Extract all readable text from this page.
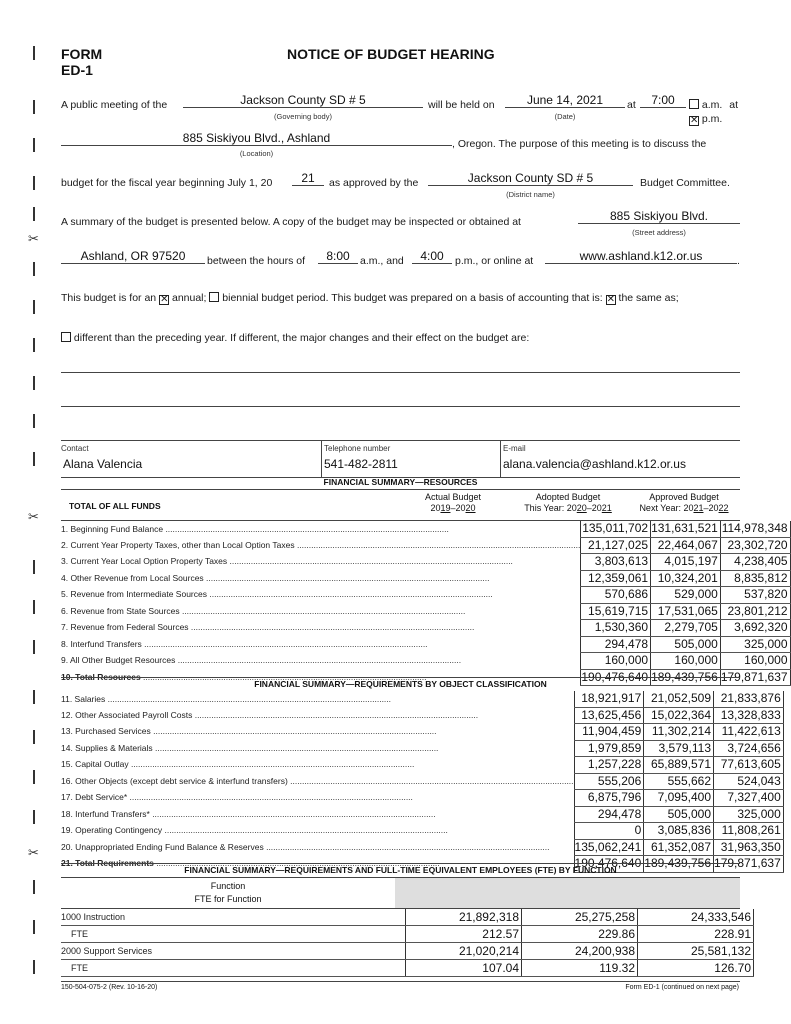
✂
✂
✂
FORM
ED-1
NOTICE OF BUDGET HEARING
A public meeting of the	Jackson County SD # 5
(Governing body)
will be held on	June 14, 2021
(Date)
at	7:00	a.m. at
✕ p.m.
885 Siskiyou Blvd., Ashland
(Location)
, Oregon. The purpose of this meeting is to discuss the
budget for the fiscal year beginning July 1, 20	21	as approved by the	Jackson County SD # 5
(District name)
Budget Committee.
A summary of the budget is presented below. A copy of the budget may be inspected or obtained at	885 Siskiyou Blvd.
(Street address)
Ashland, OR 97520	between the hours of	8:00 a.m., and	4:00	p.m., or online at	www.ashland.k12.or.us	.
This budget is for an ✕ annual; biennial budget period. This budget was prepared on a basis of accounting that is: ✕ the same as;
different than the preceding year. If different, the major changes and their effect on the budget are:
Contact
Alana Valencia
Telephone number
541-482-2811
E-mail
alana.valencia@ashland.k12.or.us
FINANCIAL SUMMARY—RESOURCES
TOTAL OF ALL FUNDS
Actual Budget
2019–2020
Adopted Budget
This Year: 2020–2021
Approved Budget
Next Year: 2021–2022
1. Beginning Fund Balance ........................................................................................................................	135,011,702	131,631,521	114,978,348
2. Current Year Property Taxes, other than Local Option Taxes ........................................................................................................................	21,127,025	22,464,067	23,302,720
3. Current Year Local Option Property Taxes ........................................................................................................................	3,803,613	4,015,197	4,238,405
4. Other Revenue from Local Sources ........................................................................................................................	12,359,061	10,324,201	8,835,812
5. Revenue from Intermediate Sources ........................................................................................................................	570,686	529,000	537,820
6. Revenue from State Sources ........................................................................................................................	15,619,715	17,531,065	23,801,212
7. Revenue from Federal Sources ........................................................................................................................	1,530,360	2,279,705	3,692,320
8. Interfund Transfers ........................................................................................................................	294,478	505,000	325,000
9. All Other Budget Resources ........................................................................................................................	160,000	160,000	160,000
10. Total Resources ........................................................................................................................	190,476,640	189,439,756	179,871,637
FINANCIAL SUMMARY—REQUIREMENTS BY OBJECT CLASSIFICATION
11. Salaries ........................................................................................................................	18,921,917	21,052,509	21,833,876
12. Other Associated Payroll Costs ........................................................................................................................	13,625,456	15,022,364	13,328,833
13. Purchased Services ........................................................................................................................	11,904,459	11,302,214	11,422,613
14. Supplies & Materials ........................................................................................................................	1,979,859	3,579,113	3,724,656
15. Capital Outlay ........................................................................................................................	1,257,228	65,889,571	77,613,605
16. Other Objects (except debt service & interfund transfers) ........................................................................................................................	555,206	555,662	524,043
17. Debt Service* ........................................................................................................................	6,875,796	7,095,400	7,327,400
18. Interfund Transfers* ........................................................................................................................	294,478	505,000	325,000
19. Operating Contingency ........................................................................................................................	0	3,085,836	11,808,261
20. Unappropriated Ending Fund Balance & Reserves ........................................................................................................................	135,062,241	61,352,087	31,963,350
21. Total Requirements ........................................................................................................................	190,476,640	189,439,756	179,871,637
FINANCIAL SUMMARY—REQUIREMENTS AND FULL-TIME EQUIVALENT EMPLOYEES (FTE) BY FUNCTION
Function
FTE for Function
1000 Instruction	21,892,318	25,275,258	24,333,546
FTE	212.57	229.86	228.91
2000 Support Services	21,020,214	24,200,938	25,581,132
FTE	107.04	119.32	126.70
150-504-075-2 (Rev. 10-16-20)	Form ED-1 (continued on next page)
